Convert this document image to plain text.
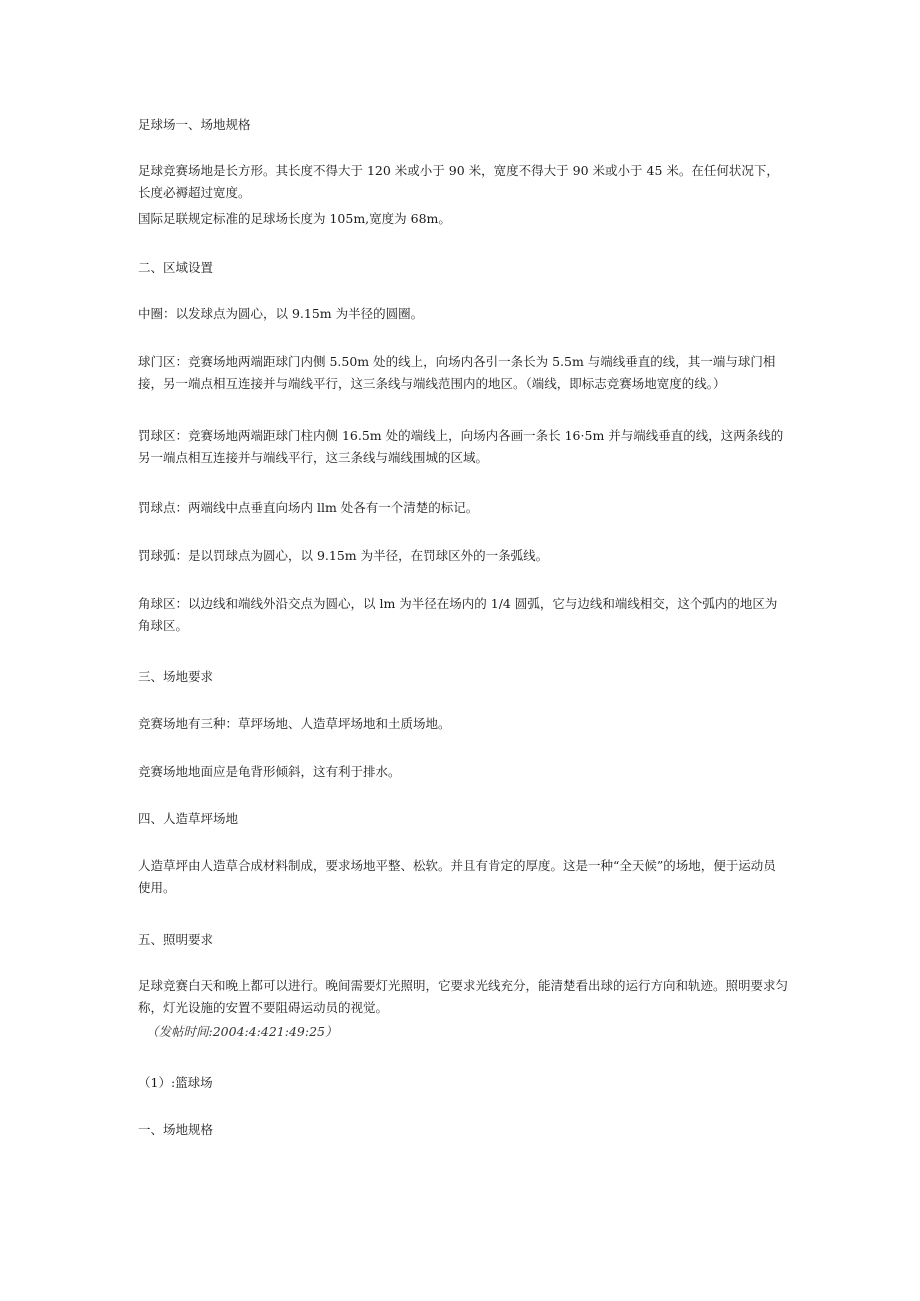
足球场一、场地规格

足球竞赛场地是长方形。其长度不得大于 120 米或小于 90 米，宽度不得大于 90 米或小于 45 米。在任何状况下，长度必褥超过宽度。

国际足联规定标准的足球场长度为 105m,宽度为 68m。

二、区域设置

中圈：以发球点为圆心，以 9.15m 为半径的圆圈。

球门区：竞赛场地两端距球门内侧 5.50m 处的线上，向场内各引一条长为 5.5m 与端线垂直的线，其一端与球门相接，另一端点相互连接并与端线平行，这三条线与端线范围内的地区。（端线，即标志竞赛场地宽度的线。）

罚球区：竞赛场地两端距球门柱内侧 16.5m 处的端线上，向场内各画一条长 16·5m 并与端线垂直的线，这两条线的另一端点相互连接并与端线平行，这三条线与端线围城的区域。

罚球点：两端线中点垂直向场内 llm 处各有一个清楚的标记。

罚球弧：是以罚球点为圆心，以 9.15m 为半径，在罚球区外的一条弧线。

角球区：以边线和端线外沿交点为圆心，以 lm 为半径在场内的 1/4 圆弧，它与边线和端线相交，这个弧内的地区为角球区。

三、场地要求

竞赛场地有三种：草坪场地、人造草坪场地和土质场地。

竞赛场地地面应是龟背形倾斜，这有利于排水。

四、人造草坪场地

人造草坪由人造草合成材料制成，要求场地平整、松软。并且有肯定的厚度。这是一种“全天候”的场地，便于运动员使用。

五、照明要求

足球竞赛白天和晚上都可以进行。晚间需要灯光照明，它要求光线充分，能清楚看出球的运行方向和轨迹。照明要求匀称，灯光设施的安置不要阻碍运动员的视觉。

（发帖时间:2004:4:421:49:25）

（1）:篮球场

一、场地规格
